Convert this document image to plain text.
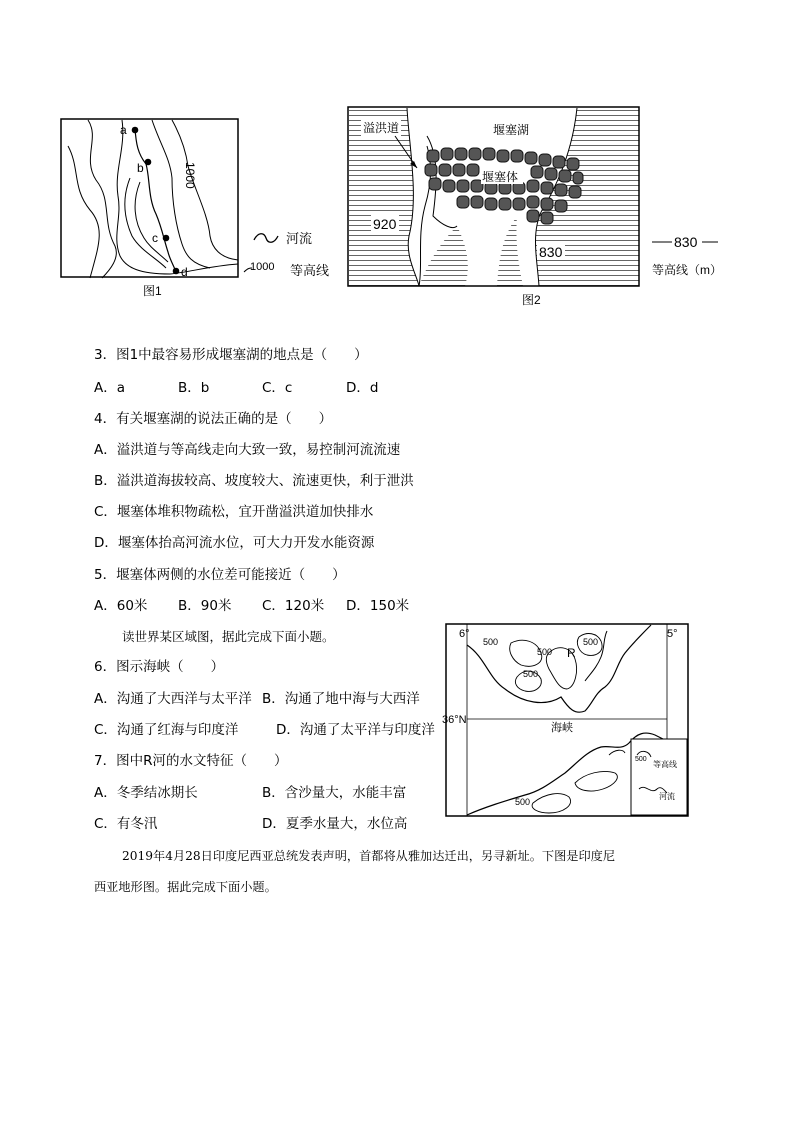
a
b
c
d
1000
图1
河流
1000 等高线
堰塞体
堰塞湖
溢洪道
920
830
图2
830
等高线（m）
3．图1中最容易形成堰塞湖的地点是（　　）
A．a	B．b	C．c	D．d
4．有关堰塞湖的说法正确的是（　　）
A．溢洪道与等高线走向大致一致，易控制河流流速
B．溢洪道海拔较高、坡度较大、流速更快，利于泄洪
C．堰塞体堆积物疏松，宜开凿溢洪道加快排水
D．堰塞体抬高河流水位，可大力开发水能资源
5．堰塞体两侧的水位差可能接近（　　）
A．60米 B．90米 C．120米 D．150米
读世界某区域图，据此完成下面小题。	6°	5°
36°N
海峡
R
500
500
500
500
500
500
等高线
河流
6．图示海峡（　　）
A．沟通了大西洋与太平洋 B．沟通了地中海与大西洋
C．沟通了红海与印度洋	D．沟通了太平洋与印度洋
7．图中R河的水文特征（　　）
A．冬季结冰期长	B．含沙量大，水能丰富
C．有冬汛	D．夏季水量大，水位高
2019年4月28日印度尼西亚总统发表声明，首都将从雅加达迁出，另寻新址。下图是印度尼
西亚地形图。据此完成下面小题。
